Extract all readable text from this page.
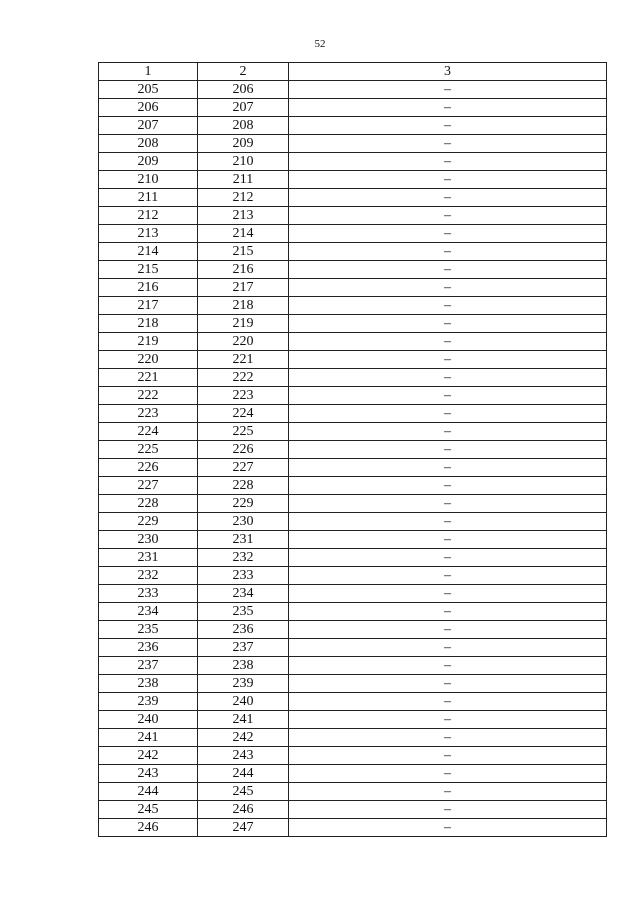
52
1	2	3
205	206	–
206	207	–
207	208	–
208	209	–
209	210	–
210	211	–
211	212	–
212	213	–
213	214	–
214	215	–
215	216	–
216	217	–
217	218	–
218	219	–
219	220	–
220	221	–
221	222	–
222	223	–
223	224	–
224	225	–
225	226	–
226	227	–
227	228	–
228	229	–
229	230	–
230	231	–
231	232	–
232	233	–
233	234	–
234	235	–
235	236	–
236	237	–
237	238	–
238	239	–
239	240	–
240	241	–
241	242	–
242	243	–
243	244	–
244	245	–
245	246	–
246	247	–
